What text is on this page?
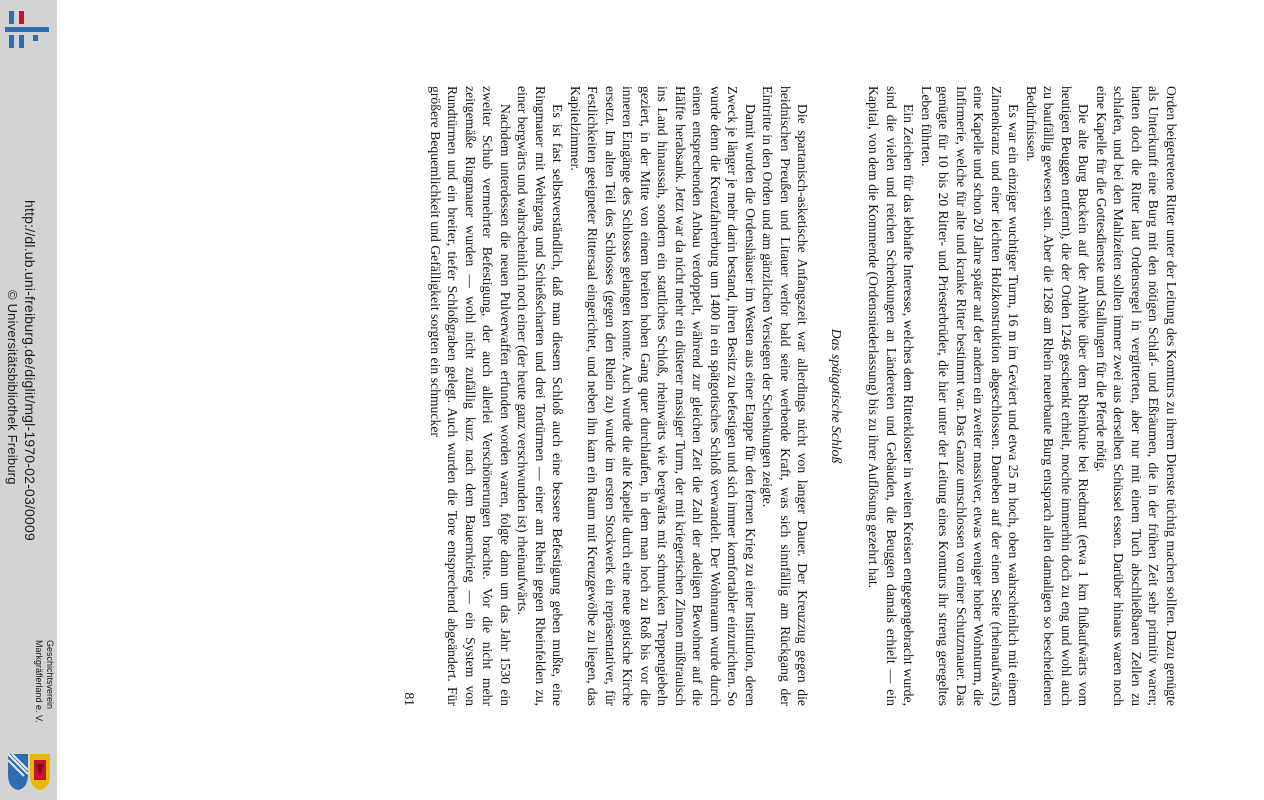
http://dl.ub.uni-freiburg.de/diglit/mgl-1970-02-03/0009
© Universitätsbibliothek Freiburg
Geschichtsverein
Markgräflerland e. V.	Orden beigetretene Ritter unter der Leitung des Komturs zu ihrem Dienste tüchtig machen sollten. Dazu genügte als Unterkunft eine Burg mit den nötigen Schlaf- und Eßräumen, die in der frühen Zeit sehr primitiv waren; hatten doch die Ritter laut Ordensregel in vergitterten, aber nur mit einem Tuch abschließbaren Zellen zu schlafen, und bei den Mahlzeiten sollten immer zwei aus derselben Schüssel essen. Darüber hinaus waren noch eine Kapelle für die Gottesdienste und Stallungen für die Pferde nötig.

Die alte Burg Buckein auf der Anhöhe über dem Rheinknie bei Riedmatt (etwa 1 km flußaufwärts vom heutigen Beuggen entfernt), die der Orden 1246 geschenkt erhielt, mochte immerhin doch zu eng und wohl auch zu baufällig gewesen sein. Aber die 1268 am Rhein neuerbaute Burg entsprach allen damaligen so bescheidenen Bedürfnissen.

Es war ein einziger wuchtiger Turm, 16 m im Geviert und etwa 25 m hoch, oben wahrscheinlich mit einem Zinnenkranz und einer leichten Holzkonstruktion abgeschlossen. Daneben auf der einen Seite (rheinaufwärts) eine Kapelle und schon 20 Jahre später auf der andern ein zweiter massiver, etwas weniger hoher Wohnturm, die Infirmerie, welche für alte und kranke Ritter bestimmt war. Das Ganze umschlossen von einer Schutzmauer. Das genügte für 10 bis 20 Ritter- und Priesterbrüder, die hier unter der Leitung eines Komturs ihr streng geregeltes Leben führten.

Ein Zeichen für das lebhafte Interesse, welches dem Ritterkloster in weiten Kreisen entgegengebracht wurde, sind die vielen und reichen Schenkungen an Ländereien und Gebäuden, die Beuggen damals erhielt — ein Kapital, von dem die Kommende (Ordensniederlassung) bis zu ihrer Auflösung gezehrt hat.

Das spätgotische Schloß

Die spartanisch-asketische Anfangszeit war allerdings nicht von langer Dauer. Der Kreuzzug gegen die heidnischen Preußen und Litauer verlor bald seine werbende Kraft, was sich sinnfällig am Rückgang der Eintritte in den Orden und am gänzlichen Versiegen der Schenkungen zeigte.

Damit wurden die Ordenshäuser im Westen aus einer Etappe für den fernen Krieg zu einer Institution, deren Zweck je länger je mehr darin bestand, ihren Besitz zu befestigen und sich immer komfortabler einzurichten. So wurde denn die Kreuzfahrerburg um 1400 in ein spätgotisches Schloß verwandelt. Der Wohnraum wurde durch einen entsprechenden Anbau verdoppelt, während zur gleichen Zeit die Zahl der adeligen Bewohner auf die Hälfte herabsank. Jetzt war da nicht mehr ein düsterer massiger Turm, der mit kriegerischen Zinnen mißtrauisch ins Land hinaussah, sondern ein stattliches Schloß, rheinwärts wie bergwärts mit schmucken Treppengiebeln geziert, in der Mitte von einem breiten hohen Gang quer durchlaufen, in dem man hoch zu Roß bis vor die inneren Eingänge des Schlosses gelangen konnte. Auch wurde die alte Kapelle durch eine neue gotische Kirche ersetzt. Im alten Teil des Schlosses (gegen den Rhein zu) wurde im ersten Stockwerk ein repräsentativer, für Festlichkeiten geeigneter Rittersaal eingerichtet, und neben ihn kam ein Raum mit Kreuzgewölbe zu liegen, das Kapitelzimmer.

Es ist fast selbstverständlich, daß man diesem Schloß auch eine bessere Befestigung geben mußte, eine Ringmauer mit Wehrgang und Schießscharten und drei Tortürmen — einer am Rhein gegen Rheinfelden zu, einer bergwärts und wahrscheinlich noch einer (der heute ganz verschwunden ist) rheinaufwärts.

Nachdem unterdessen die neuen Pulverwaffen erfunden worden waren, folgte dann um das Jahr 1530 ein zweiter Schub vermehrter Befestigung, der auch allerlei Verschönerungen brachte. Vor die nicht mehr zeitgemäße Ringmauer wurden — wohl nicht zufällig kurz nach dem Bauernkrieg — ein System von Rundtürmen und ein breiter, tiefer Schloßgraben gelegt. Auch wurden die Tore entsprechend abgeändert. Für größere Bequemlichkeit und Gefälligkeit sorgten ein schmucker

81
